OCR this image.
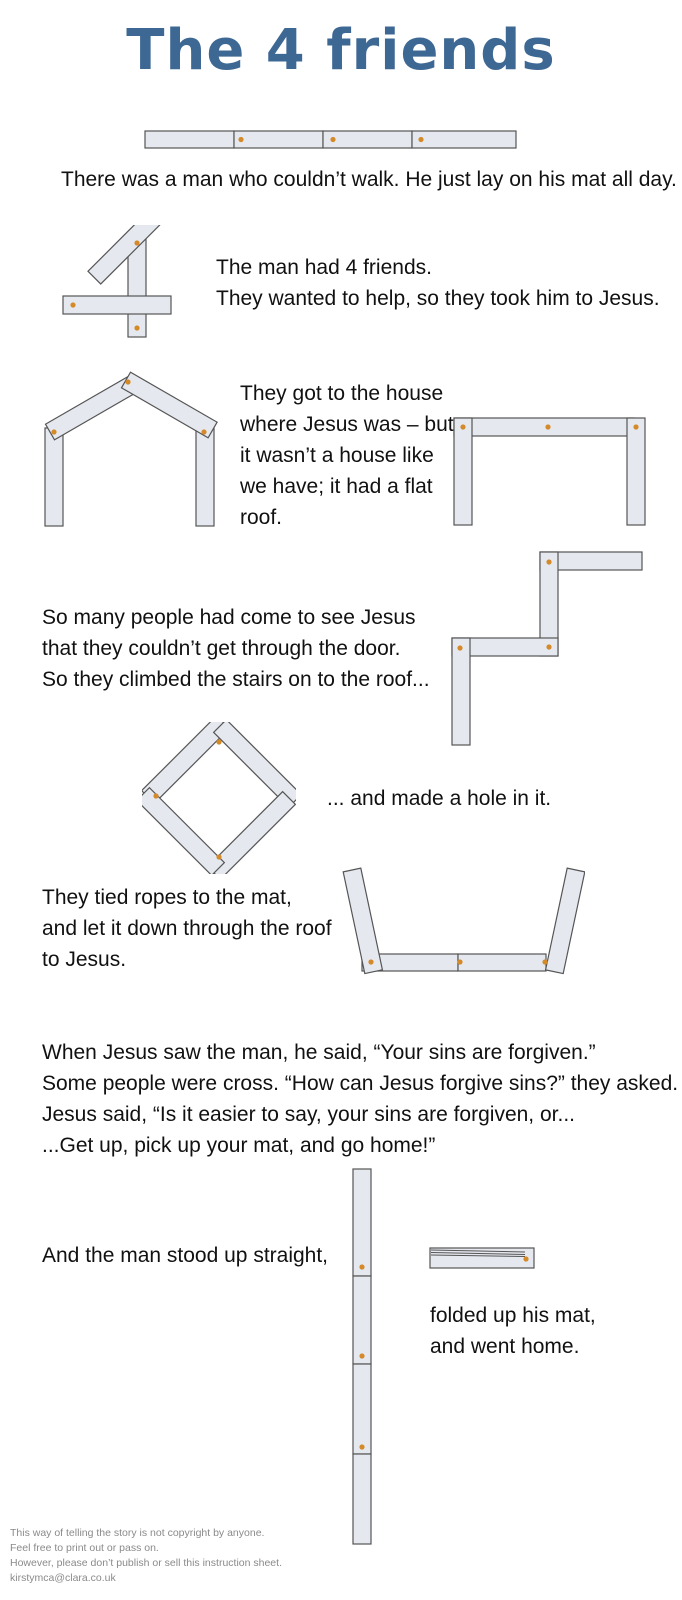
The 4 friends
There was a man who couldn’t walk. He just lay on his mat all day.
The man had 4 friends.
They wanted to help, so they took him to Jesus.
They got to the house
where Jesus was – but
it wasn’t a house like
we have; it had a flat
roof.
So many people had come to see Jesus
that they couldn’t get through the door.
So they climbed the stairs on to the roof...
... and made a hole in it.
They tied ropes to the mat,
and let it down through the roof
to Jesus.
When Jesus saw the man, he said, “Your sins are forgiven.”
Some people were cross. “How can Jesus forgive sins?” they asked.
Jesus said, “Is it easier to say, your sins are forgiven, or...
...Get up, pick up your mat, and go home!”
And the man stood up straight,
folded up his mat,
and went home.
This way of telling the story is not copyright by anyone.
Feel free to print out or pass on.
However, please don’t publish or sell this instruction sheet.
kirstymca@clara.co.uk
